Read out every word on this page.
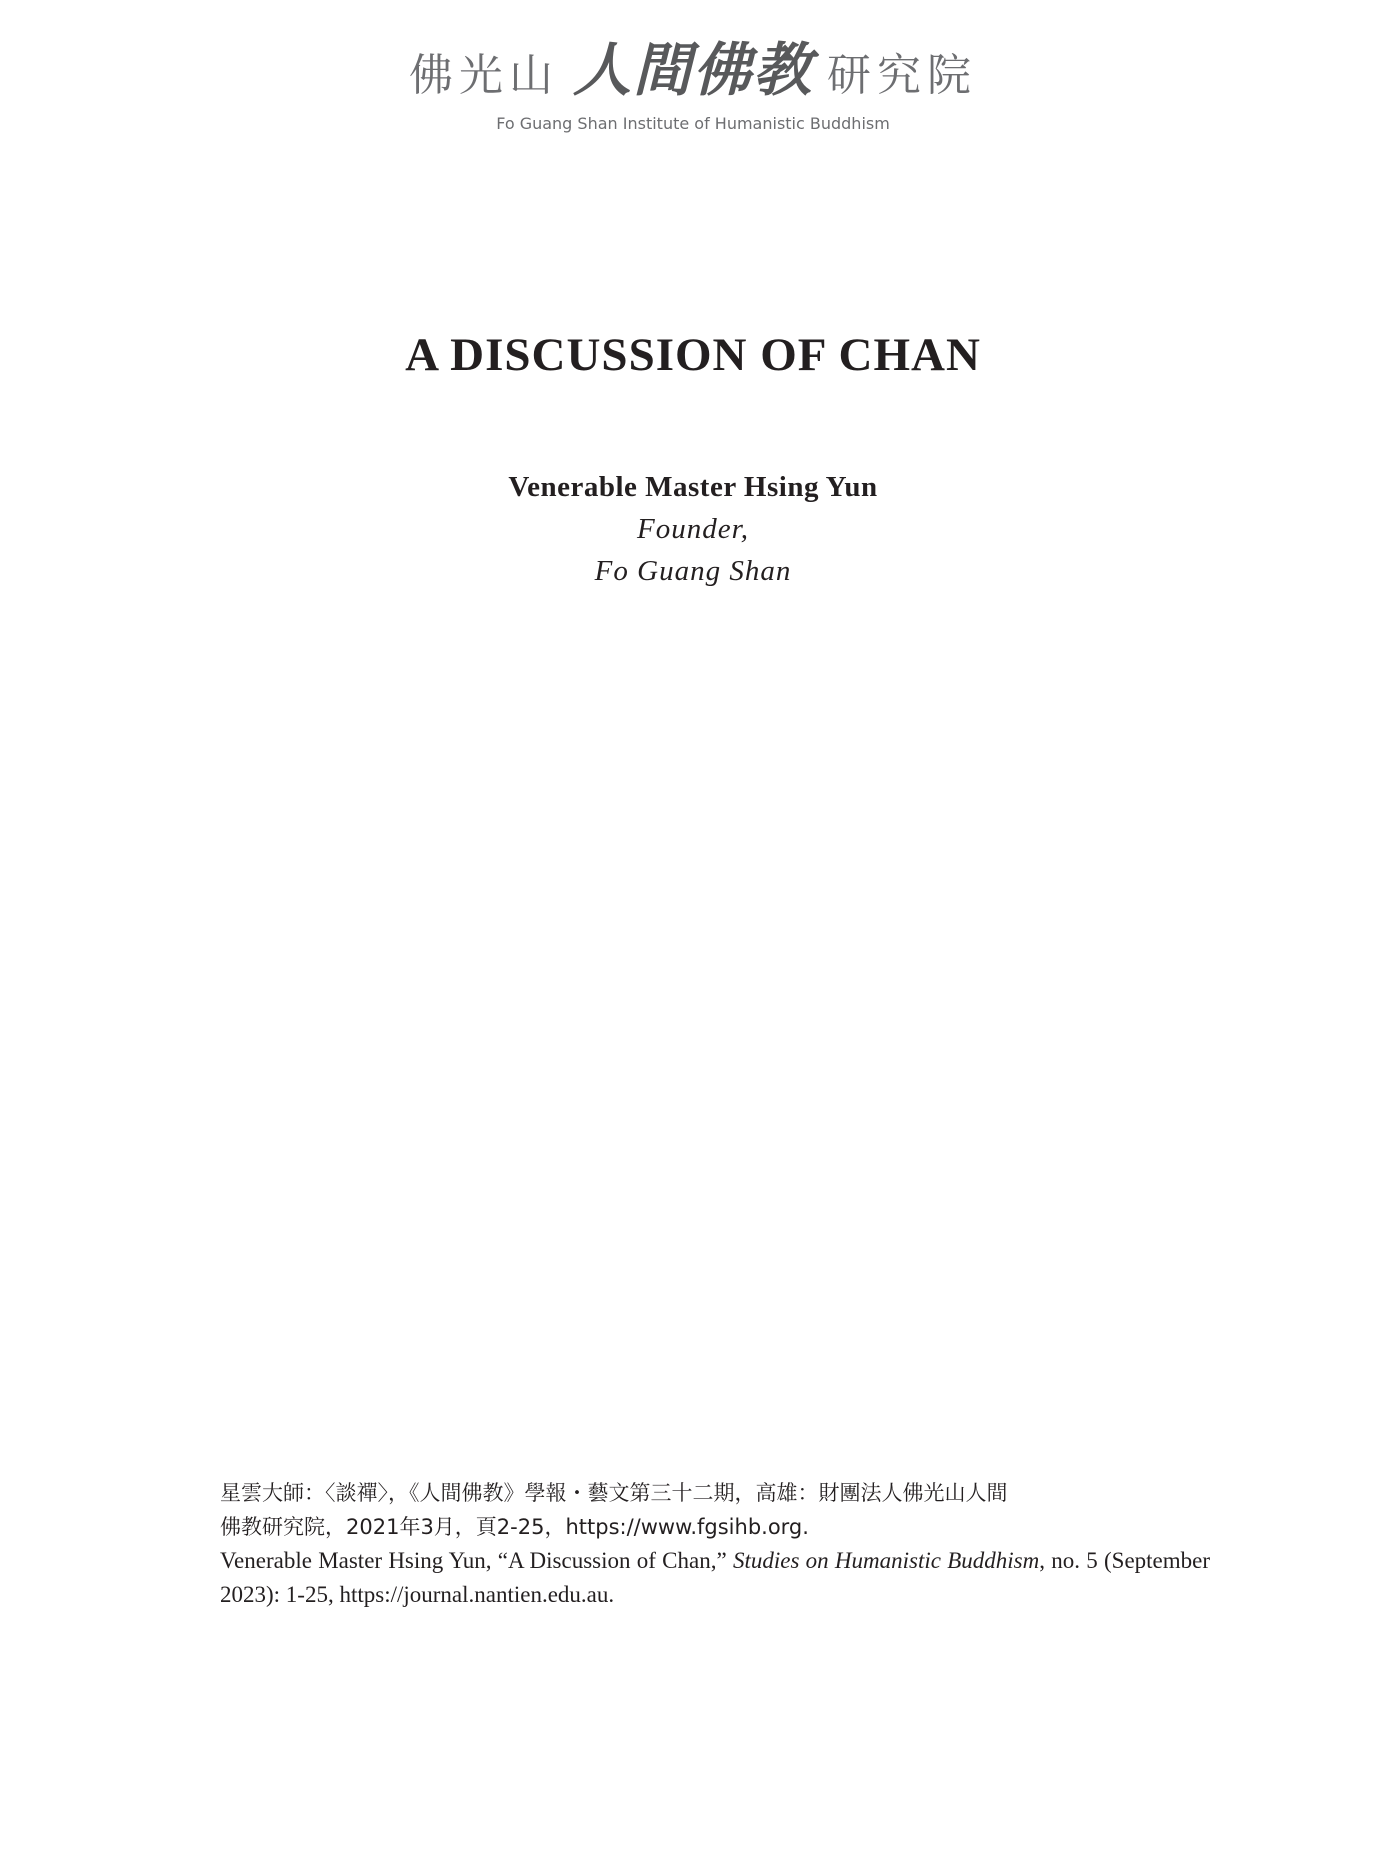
佛光山 人間佛教 研究院
Fo Guang Shan Institute of Humanistic Buddhism
A DISCUSSION OF CHAN
Venerable Master Hsing Yun
Founder,
Fo Guang Shan

星雲大師：〈談禪〉，《人間佛教》學報・藝文第三十二期，高雄：財團法人佛光山人間

佛教研究院，2021年3月，頁2-25，https://www.fgsihb.org.

Venerable Master Hsing Yun, “A Discussion of Chan,” Studies on Humanistic Buddhism, no. 5 (September 2023): 1-25, https://journal.nantien.edu.au.
